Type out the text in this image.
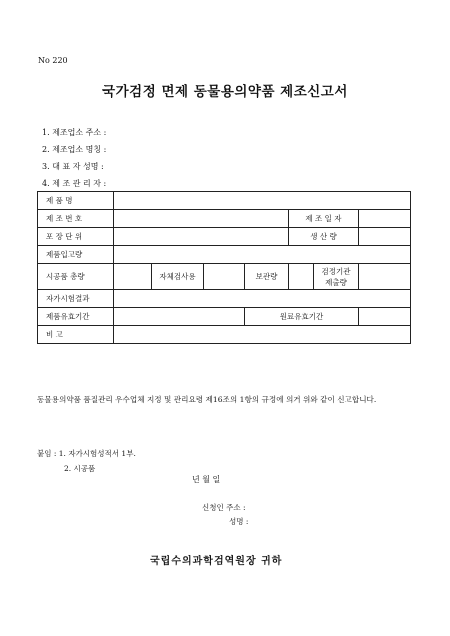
No 220
국가검정 면제 동물용의약품 제조신고서
1. 제조업소 주소 :
2. 제조업소 명칭 :
3. 대 표 자 성명 :
4. 제 조 관 리 자 :
제 품 명							
제 조 번 호					제 조 일 자		
포 장 단 위					생 산 량		
제품입고량							
시공품 총량		자체검사용		보관량		검정기관
제출량	
자가시험결과							
제품유효기간				원료유효기간			
비 고							
동물용의약품 품질관리 우수업체 지정 및 관리요령 제16조의 1항의 규정에 의거 위와 같이 신고합니다.
붙임 : 1. 자가시험성적서 1부.
2. 시공품
년 월 일
신청인 주소 :
성명 :
국립수의과학검역원장 귀하
